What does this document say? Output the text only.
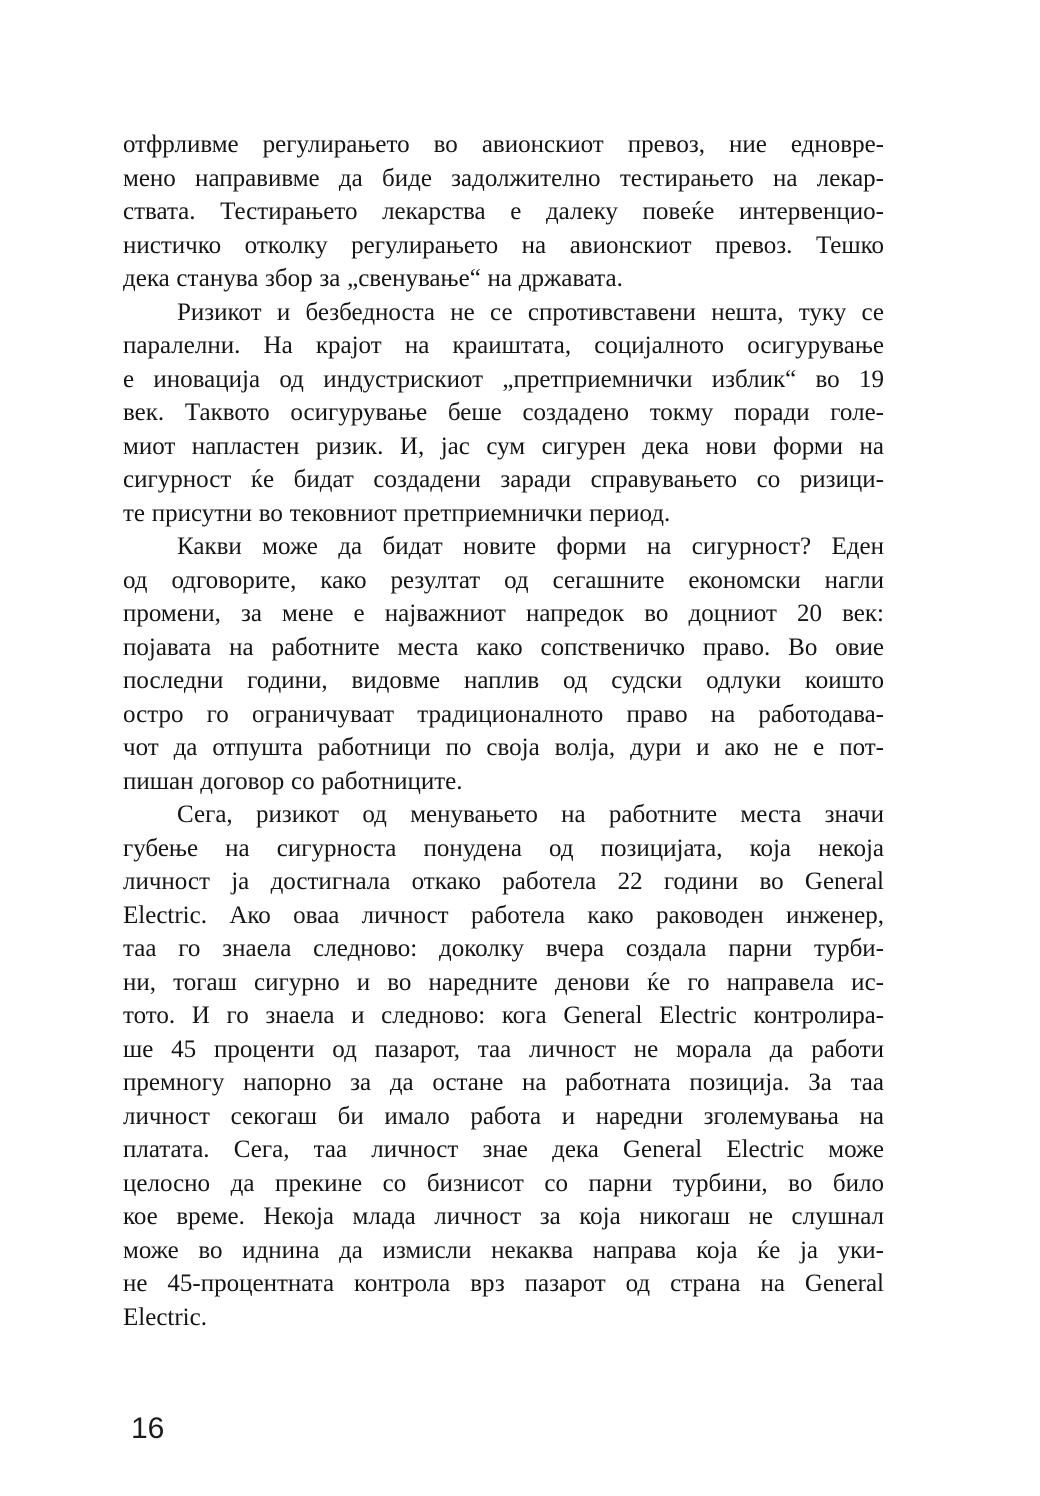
отфрливме регулирањето во авионскиот превоз, ние едновре-
мено направивме да биде задолжително тестирањето на лекар-
ствата. Тестирањето лекарства е далеку повеќе интервенцио-
нистичко отколку регулирањето на авионскиот превоз. Тешко
дека станува збор за „свенување“ на државата.
Ризикот и безбедноста не се спротивставени нешта, туку се
паралелни. На крајот на краиштата, социјалното осигурување
е иновација од индустрискиот „претприемнички изблик“ во 19
век. Таквото осигурување беше создадено токму поради голе-
миот напластен ризик. И, јас сум сигурен дека нови форми на
сигурност ќе бидат создадени заради справувањето со ризици-
те присутни во тековниот претприемнички период.
Какви може да бидат новите форми на сигурност? Еден
од одговорите, како резултат од сегашните економски нагли
промени, за мене е најважниот напредок во доцниот 20 век:
појавата на работните места како сопственичко право. Во овие
последни години, видовме наплив од судски одлуки коишто
остро го ограничуваат традиционалното право на работодава-
чот да отпушта работници по своја волја, дури и ако не е пот-
пишан договор со работниците.
Сега, ризикот од менувањето на работните места значи
губење на сигурноста понудена од позицијата, која некоја
личност ја достигнала откако работела 22 години во General
Electric. Ако оваа личност работела како раководен инженер,
таа го знаела следново: доколку вчера создала парни турби-
ни, тогаш сигурно и во наредните денови ќе го направела ис-
тото. И го знаела и следново: кога General Electric контролира-
ше 45 проценти од пазарот, таа личност не морала да работи
премногу напорно за да остане на работната позиција. За таа
личност секогаш би имало работа и наредни зголемувања на
платата. Сега, таа личност знае дека General Electric може
целосно да прекине со бизнисот со парни турбини, во било
кое време. Некоја млада личност за која никогаш не слушнал
може во иднина да измисли некаква направа која ќе ја уки-
не 45-процентната контрола врз пазарот од страна на General
Electric.
16
